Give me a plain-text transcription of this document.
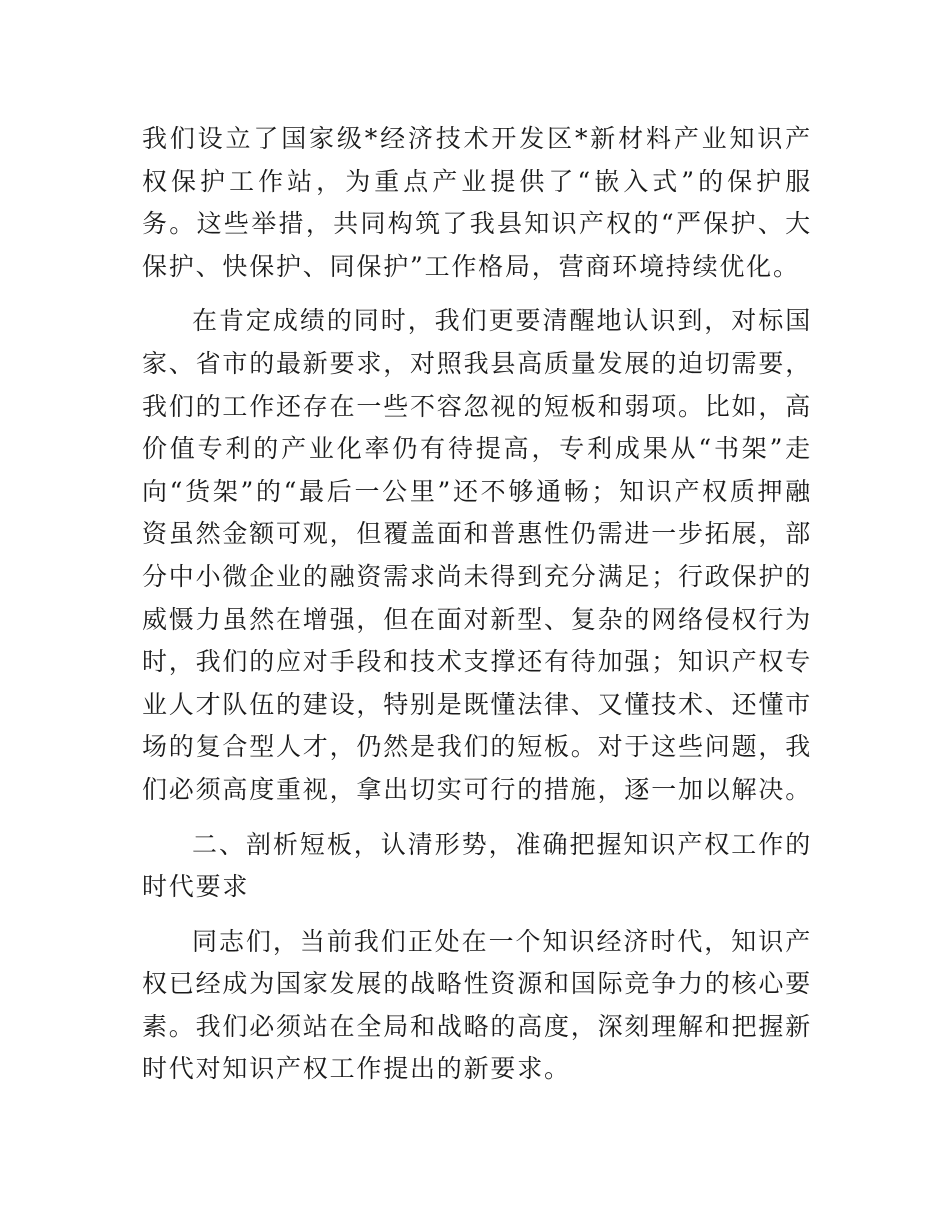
我们设立了国家级*经济技术开发区*新材料产业知识产权保护工作站，为重点产业提供了“嵌入式”的保护服务。这些举措，共同构筑了我县知识产权的“严保护、大保护、快保护、同保护”工作格局，营商环境持续优化。

在肯定成绩的同时，我们更要清醒地认识到，对标国家、省市的最新要求，对照我县高质量发展的迫切需要，我们的工作还存在一些不容忽视的短板和弱项。比如，高价值专利的产业化率仍有待提高，专利成果从“书架”走向“货架”的“最后一公里”还不够通畅；知识产权质押融资虽然金额可观，但覆盖面和普惠性仍需进一步拓展，部分中小微企业的融资需求尚未得到充分满足；行政保护的威慑力虽然在增强，但在面对新型、复杂的网络侵权行为时，我们的应对手段和技术支撑还有待加强；知识产权专业人才队伍的建设，特别是既懂法律、又懂技术、还懂市场的复合型人才，仍然是我们的短板。对于这些问题，我们必须高度重视，拿出切实可行的措施，逐一加以解决。

二、剖析短板，认清形势，准确把握知识产权工作的时代要求

同志们，当前我们正处在一个知识经济时代，知识产权已经成为国家发展的战略性资源和国际竞争力的核心要素。我们必须站在全局和战略的高度，深刻理解和把握新时代对知识产权工作提出的新要求。
